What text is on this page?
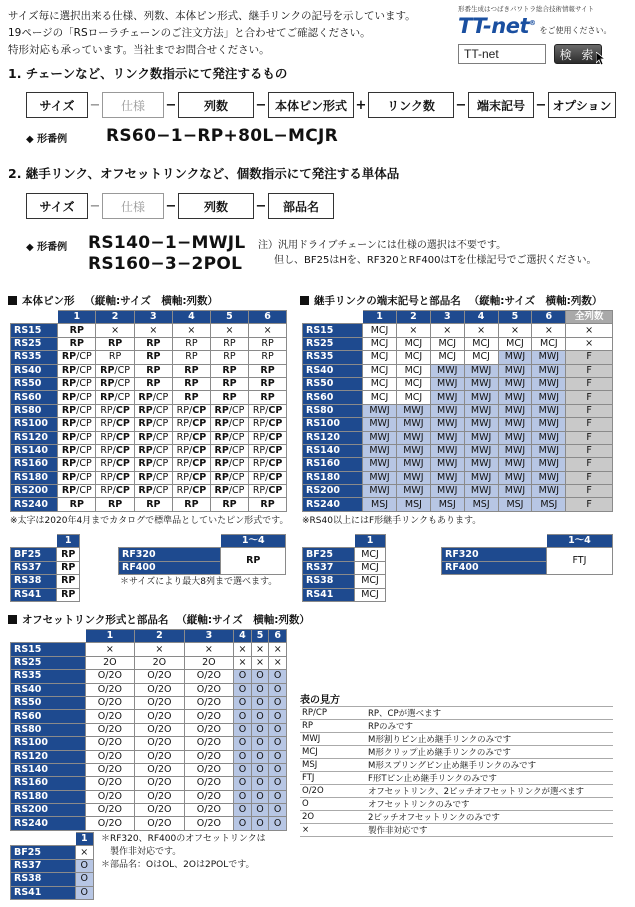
サイズ毎に選択出来る仕様、列数、本体ピン形式、継手リンクの記号を示しています。
19ページの「RSローラチェーンのご注文方法」と合わせてご確認ください。
特形対応も承っています。当社までお問合せください。
形番生成はつばきパワトラ総合技術情報サイト
TT-net®
をご使用ください。
TT-net	検 索
1. チェーンなど、リンク数指示にて発注するもの
サイズ	−	仕様	−	列数	− 本体ピン形式 +	リンク数	− 端末記号 − オプション
◆ 形番例 RS60−1−RP+80L−MCJR
2. 継手リンク、オフセットリンクなど、個数指示にて発注する単体品
サイズ	−	仕様	−	列数	−	部品名
◆ 形番例 RS140−1−MWJL
RS160−3−2POL
注）汎用ドライブチェーンには仕様の選択は不要です。
但し、BF25はHを、RF320とRF400はTを仕様記号でご選択ください。
本体ピン形 （縦軸:サイズ　横軸:列数）
	1	2	3	4	5	6
RS15	RP	×	×	×	×	×
RS25	RP	RP	RP	RP	RP	RP
RS35	RP/CP	RP	RP	RP	RP	RP
RS40	RP/CP	RP/CP	RP	RP	RP	RP
RS50	RP/CP	RP/CP	RP	RP	RP	RP
RS60	RP/CP	RP/CP	RP/CP	RP	RP	RP
RS80	RP/CP	RP/CP	RP/CP	RP/CP	RP/CP	RP/CP
RS100	RP/CP	RP/CP	RP/CP	RP/CP	RP/CP	RP/CP
RS120	RP/CP	RP/CP	RP/CP	RP/CP	RP/CP	RP/CP
RS140	RP/CP	RP/CP	RP/CP	RP/CP	RP/CP	RP/CP
RS160	RP/CP	RP/CP	RP/CP	RP/CP	RP/CP	RP/CP
RS180	RP/CP	RP/CP	RP/CP	RP/CP	RP/CP	RP/CP
RS200	RP/CP	RP/CP	RP/CP	RP/CP	RP/CP	RP/CP
RS240	RP	RP	RP	RP	RP	RP
※太字は2020年4月までカタログで標準品としていたピン形式です。
	1
BF25	RP
RS37	RP
RS38	RP
RS41	RP
	1〜4
RF320	RP
RF400	
＊サイズにより最大8列まで選べます。
継手リンクの端末記号と部品名 （縦軸:サイズ　横軸:列数）
	1	2	3	4	5	6	全列数
RS15	MCJ	×	×	×	×	×	×
RS25	MCJ	MCJ	MCJ	MCJ	MCJ	MCJ	×
RS35	MCJ	MCJ	MCJ	MCJ	MWJ	MWJ	F
RS40	MCJ	MCJ	MWJ	MWJ	MWJ	MWJ	F
RS50	MCJ	MCJ	MWJ	MWJ	MWJ	MWJ	F
RS60	MCJ	MCJ	MWJ	MWJ	MWJ	MWJ	F
RS80	MWJ	MWJ	MWJ	MWJ	MWJ	MWJ	F
RS100	MWJ	MWJ	MWJ	MWJ	MWJ	MWJ	F
RS120	MWJ	MWJ	MWJ	MWJ	MWJ	MWJ	F
RS140	MWJ	MWJ	MWJ	MWJ	MWJ	MWJ	F
RS160	MWJ	MWJ	MWJ	MWJ	MWJ	MWJ	F
RS180	MWJ	MWJ	MWJ	MWJ	MWJ	MWJ	F
RS200	MWJ	MWJ	MWJ	MWJ	MWJ	MWJ	F
RS240	MSJ	MSJ	MSJ	MSJ	MSJ	MSJ	F
※RS40以上にはF形継手リンクもあります。
	1
BF25	MCJ
RS37	MCJ
RS38	MCJ
RS41	MCJ
	1〜4
RF320	FTJ
RF400	
オフセットリンク形式と部品名 （縦軸:サイズ　横軸:列数）
	1	2	3	4	5	6
RS15	×	×	×	×	×	×
RS25	2O	2O	2O	×	×	×
RS35	O/2O	O/2O	O/2O	O	O	O
RS40	O/2O	O/2O	O/2O	O	O	O
RS50	O/2O	O/2O	O/2O	O	O	O
RS60	O/2O	O/2O	O/2O	O	O	O
RS80	O/2O	O/2O	O/2O	O	O	O
RS100	O/2O	O/2O	O/2O	O	O	O
RS120	O/2O	O/2O	O/2O	O	O	O
RS140	O/2O	O/2O	O/2O	O	O	O
RS160	O/2O	O/2O	O/2O	O	O	O
RS180	O/2O	O/2O	O/2O	O	O	O
RS200	O/2O	O/2O	O/2O	O	O	O
RS240	O/2O	O/2O	O/2O	O	O	O
	1
BF25	×
RS37	O
RS38	O
RS41	O
＊RF320、RF400のオフセットリンクは
　製作非対応です。
＊部品名：OはOL、2Oは2POLです。
表の見方
RP/CP	RP、CPが選べます
RP	RPのみです
MWJ	M形割りピン止め継手リンクのみです
MCJ	M形クリップ止め継手リンクのみです
MSJ	M形スプリングピン止め継手リンクのみです
FTJ	F形Tピン止め継手リンクのみです
O/2O	オフセットリンク、2ピッチオフセットリンクが選べます
O	オフセットリンクのみです
2O	2ピッチオフセットリンクのみです
×	製作非対応です
